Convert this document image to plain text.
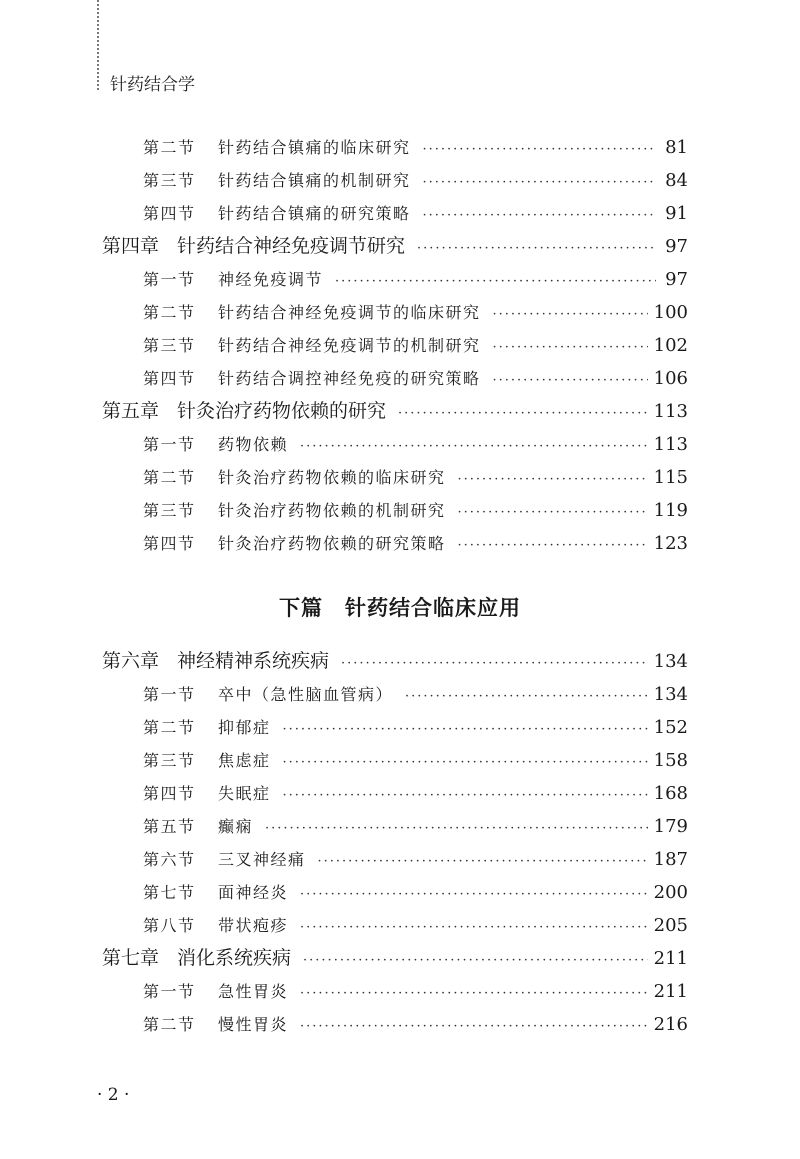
针药结合学
第二节	针药结合镇痛的临床研究 ·····	81
第三节	针药结合镇痛的机制研究 ·····	84
第四节	针药结合镇痛的研究策略 ·····	91
第四章 针药结合神经免疫调节研究 ·····	97
第一节	神经免疫调节 ·····	97
第二节	针药结合神经免疫调节的临床研究 ·····	100
第三节	针药结合神经免疫调节的机制研究 ·····	102
第四节	针药结合调控神经免疫的研究策略 ·····	106
第五章 针灸治疗药物依赖的研究 ·····	113
第一节	药物依赖 ·····	113
第二节	针灸治疗药物依赖的临床研究 ·····	115
第三节	针灸治疗药物依赖的机制研究 ·····	119
第四节	针灸治疗药物依赖的研究策略 ·····	123
下篇　针药结合临床应用
第六章 神经精神系统疾病 ·····	134
第一节	卒中（急性脑血管病） ·····	134
第二节	抑郁症 ·····	152
第三节	焦虑症 ·····	158
第四节	失眠症 ·····	168
第五节	癫痫 ·····	179
第六节	三叉神经痛 ·····	187
第七节	面神经炎 ·····	200
第八节	带状疱疹 ·····	205
第七章 消化系统疾病 ·····	211
第一节	急性胃炎 ·····	211
第二节	慢性胃炎 ·····	216
· 2 ·
